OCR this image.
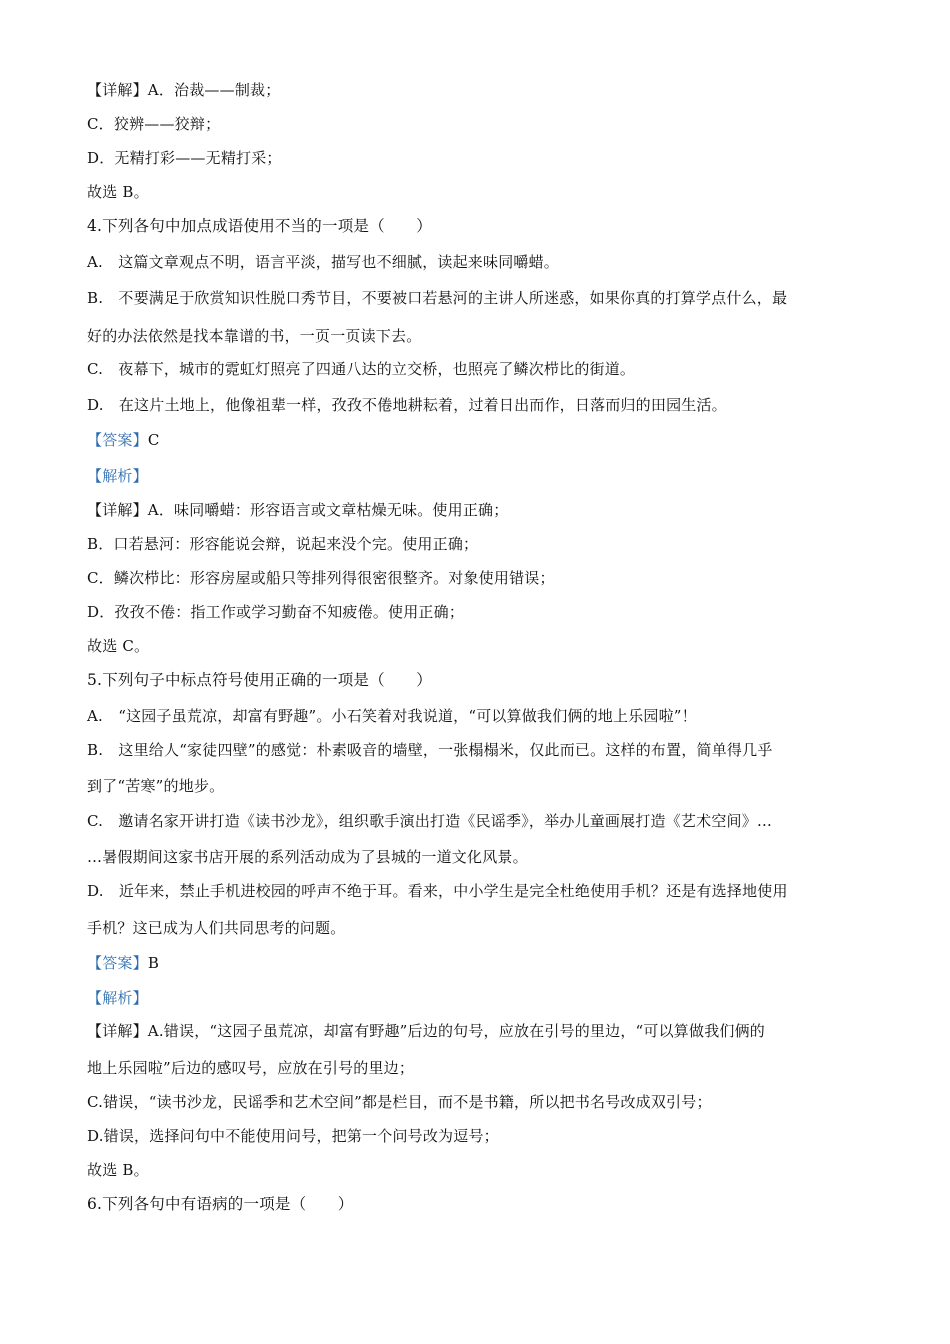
【详解】A．治裁——制裁；
C．狡辨——狡辩；
D．无精打彩——无精打采；
故选 B。
4.下列各句中加点成语使用不当的一项是（　　）
A.　这篇文章观点不明，语言平淡，描写也不细腻，读起来味同嚼蜡。
B.　不要满足于欣赏知识性脱口秀节目，不要被口若悬河的主讲人所迷惑，如果你真的打算学点什么，最
好的办法依然是找本靠谱的书，一页一页读下去。
C.　夜幕下，城市的霓虹灯照亮了四通八达的立交桥，也照亮了鳞次栉比的街道。
D.　在这片土地上，他像祖辈一样，孜孜不倦地耕耘着，过着日出而作，日落而归的田园生活。
【答案】C
【解析】
【详解】A．味同嚼蜡：形容语言或文章枯燥无味。使用正确；
B．口若悬河：形容能说会辩，说起来没个完。使用正确；
C．鳞次栉比：形容房屋或船只等排列得很密很整齐。对象使用错误；
D．孜孜不倦：指工作或学习勤奋不知疲倦。使用正确；
故选 C。
5.下列句子中标点符号使用正确的一项是（　　）
A.　“这园子虽荒凉，却富有野趣”。小石笑着对我说道，“可以算做我们俩的地上乐园啦”！
B.　这里给人“家徒四壁”的感觉：朴素吸音的墙壁，一张榻榻米，仅此而已。这样的布置，简单得几乎
到了“苦寒”的地步。
C.　邀请名家开讲打造《读书沙龙》，组织歌手演出打造《民谣季》，举办儿童画展打造《艺术空间》…
…暑假期间这家书店开展的系列活动成为了县城的一道文化风景。
D.　近年来，禁止手机进校园的呼声不绝于耳。看来，中小学生是完全杜绝使用手机？还是有选择地使用
手机？这已成为人们共同思考的问题。
【答案】B
【解析】
【详解】A.错误，“这园子虽荒凉，却富有野趣”后边的句号，应放在引号的里边，“可以算做我们俩的
地上乐园啦”后边的感叹号，应放在引号的里边；
C.错误，“读书沙龙，民谣季和艺术空间”都是栏目，而不是书籍，所以把书名号改成双引号；
D.错误，选择问句中不能使用问号，把第一个问号改为逗号；
故选 B。
6.下列各句中有语病的一项是（　　）
